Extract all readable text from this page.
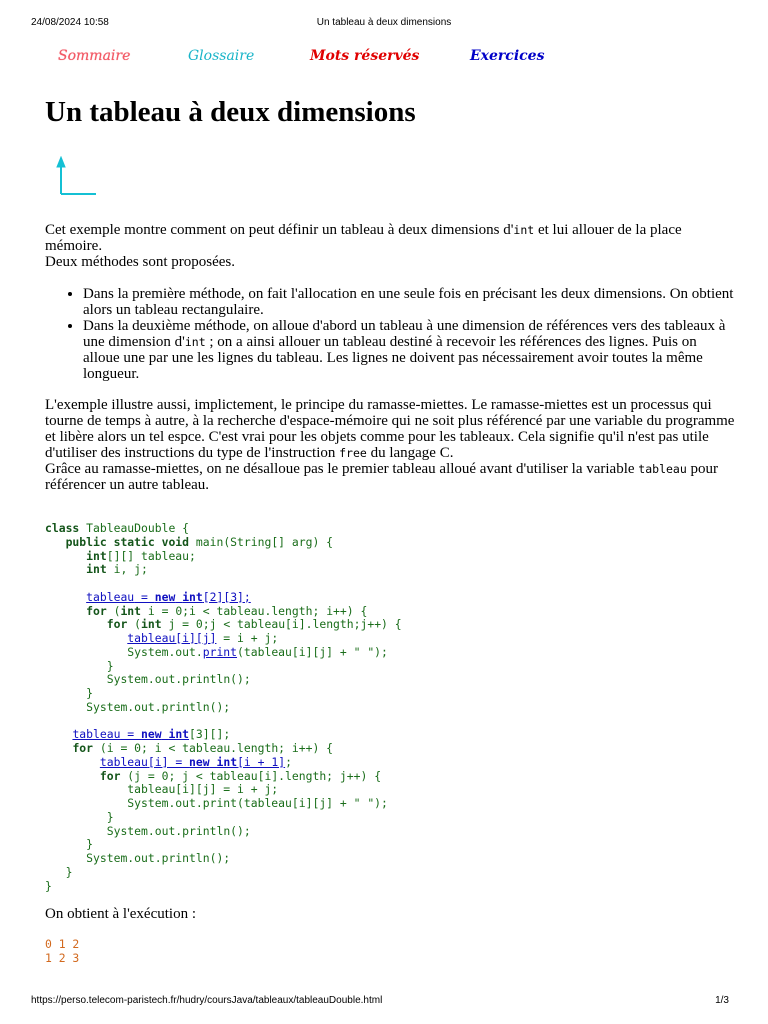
24/08/2024 10:58	Un tableau à deux dimensions
Sommaire	Glossaire	Mots réservés	Exercices
Un tableau à deux dimensions

Cet exemple montre comment on peut définir un tableau à deux dimensions d'int et lui allouer de la place mémoire.
Deux méthodes sont proposées.

• Dans la première méthode, on fait l'allocation en une seule fois en précisant les deux dimensions. On obtient alors un tableau rectangulaire.
• Dans la deuxième méthode, on alloue d'abord un tableau à une dimension de références vers des tableaux à une dimension d'int ; on a ainsi allouer un tableau destiné à recevoir les références des lignes. Puis on alloue une par une les lignes du tableau. Les lignes ne doivent pas nécessairement avoir toutes la même longueur.

L'exemple illustre aussi, implictement, le principe du ramasse-miettes. Le ramasse-miettes est un processus qui tourne de temps à autre, à la recherche d'espace-mémoire qui ne soit plus référencé par une variable du programme et libère alors un tel espce. C'est vrai pour les objets comme pour les tableaux. Cela signifie qu'il n'est pas utile d'utiliser des instructions du type de l'instruction free du langage C.
Grâce au ramasse-miettes, on ne désalloue pas le premier tableau alloué avant d'utiliser la variable tableau pour référencer un autre tableau.

class TableauDouble {
public static void main(String[] arg) {
int[][] tableau;
int i, j;

tableau = new int[2][3];
for (int i = 0;i < tableau.length; i++) {
for (int j = 0;j < tableau[i].length;j++) {
tableau[i][j] = i + j;
System.out.print(tableau[i][j] + " ");
}
System.out.println();
}
System.out.println();

tableau = new int[3][];
for (i = 0; i < tableau.length; i++) {
tableau[i] = new int[i + 1];
for (j = 0; j < tableau[i].length; j++) {
tableau[i][j] = i + j;
System.out.print(tableau[i][j] + " ");
}
System.out.println();
}
System.out.println();
}
}
On obtient à l'exécution :
0 1 2
1 2 3
https://perso.telecom-paristech.fr/hudry/coursJava/tableaux/tableauDouble.html	1/3
